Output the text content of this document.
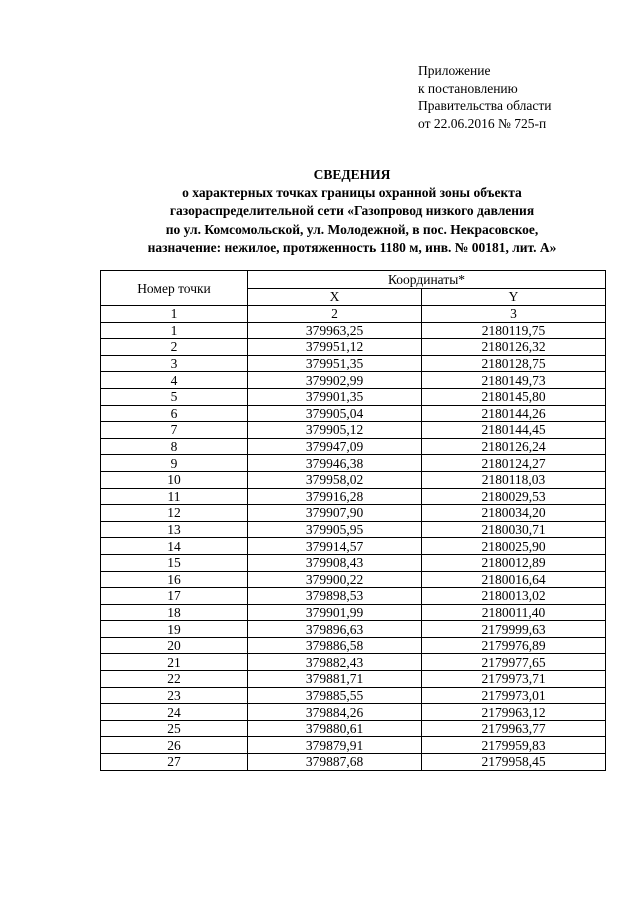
Приложение
к постановлению
Правительства области
от 22.06.2016 № 725-п
СВЕДЕНИЯ
о характерных точках границы охранной зоны объекта
газораспределительной сети «Газопровод низкого давления
по ул. Комсомольской, ул. Молодежной, в пос. Некрасовское,
назначение: нежилое, протяженность 1180 м, инв. № 00181, лит. А»
Номер точки	Координаты*	
	X	Y
1	2	3
1	379963,25	2180119,75
2	379951,12	2180126,32
3	379951,35	2180128,75
4	379902,99	2180149,73
5	379901,35	2180145,80
6	379905,04	2180144,26
7	379905,12	2180144,45
8	379947,09	2180126,24
9	379946,38	2180124,27
10	379958,02	2180118,03
11	379916,28	2180029,53
12	379907,90	2180034,20
13	379905,95	2180030,71
14	379914,57	2180025,90
15	379908,43	2180012,89
16	379900,22	2180016,64
17	379898,53	2180013,02
18	379901,99	2180011,40
19	379896,63	2179999,63
20	379886,58	2179976,89
21	379882,43	2179977,65
22	379881,71	2179973,71
23	379885,55	2179973,01
24	379884,26	2179963,12
25	379880,61	2179963,77
26	379879,91	2179959,83
27	379887,68	2179958,45
